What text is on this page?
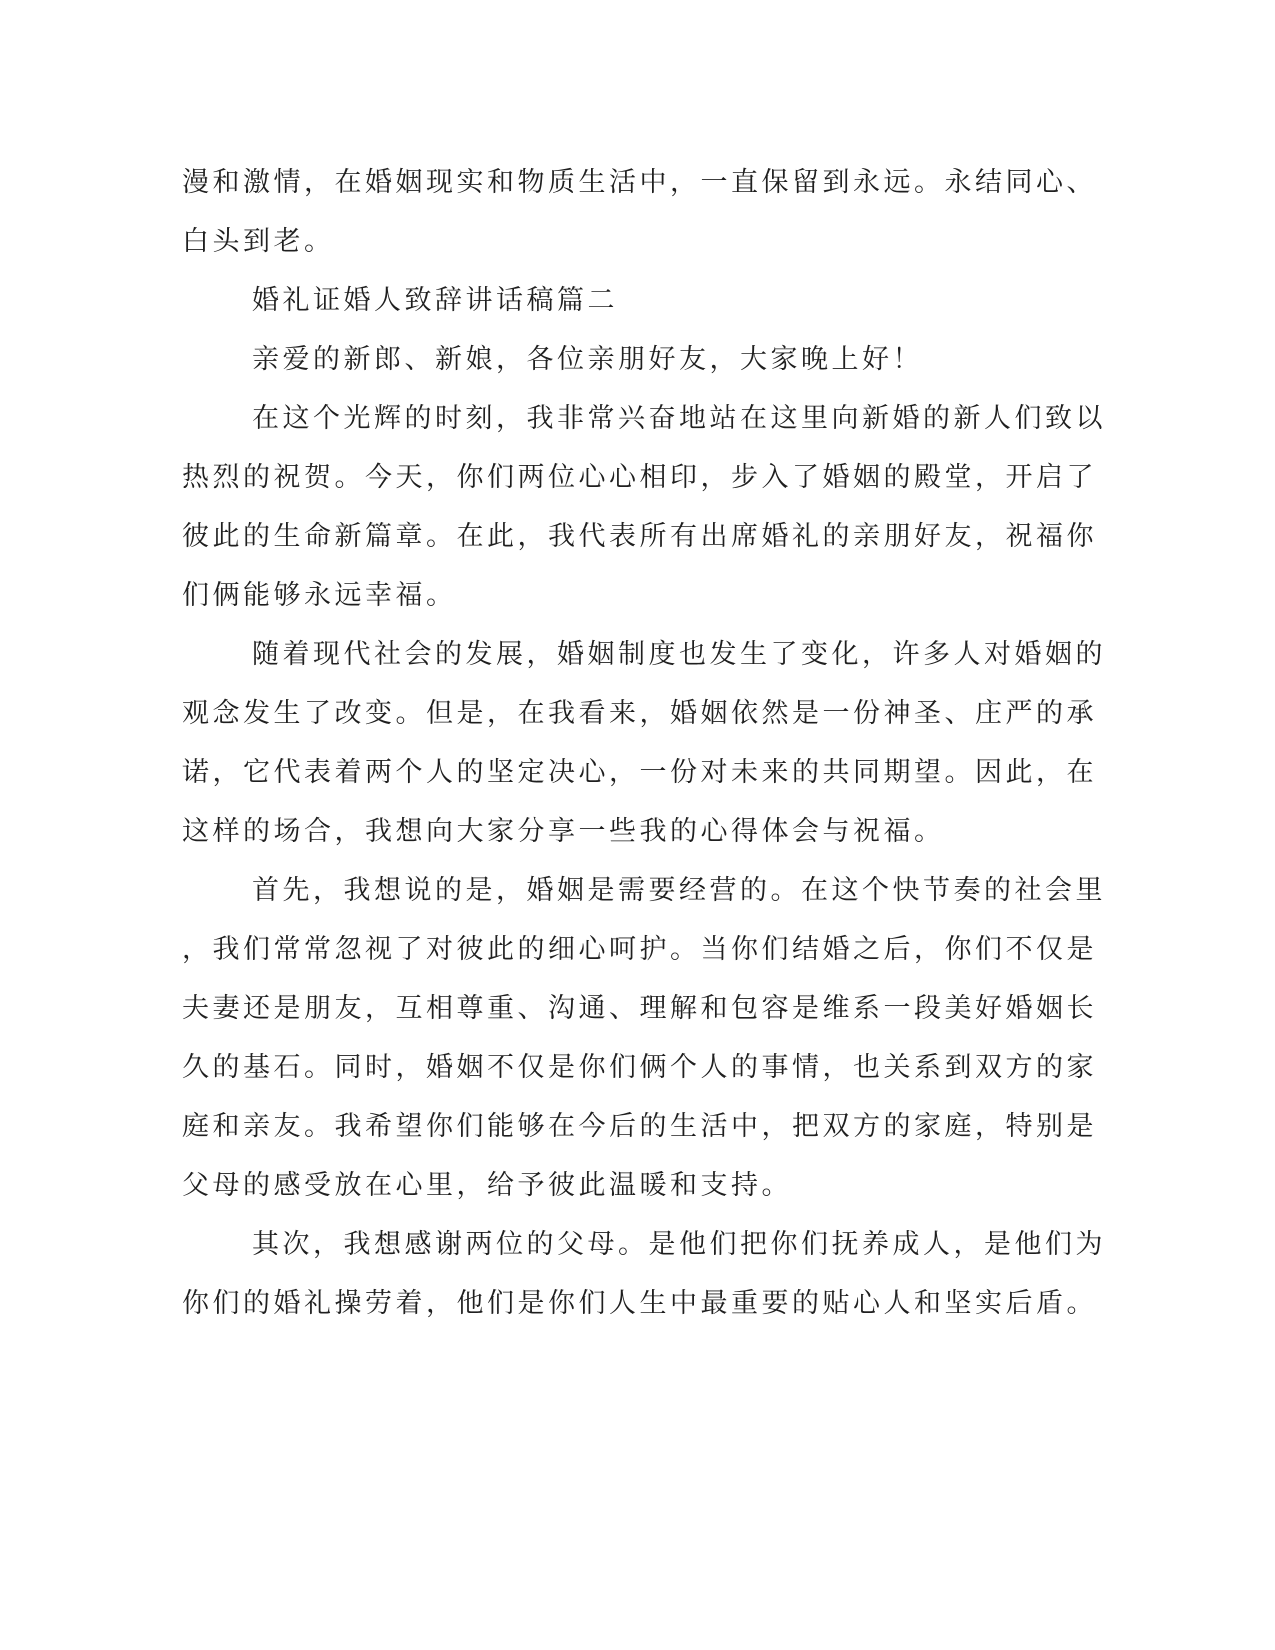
漫和激情，在婚姻现实和物质生活中，一直保留到永远。永结同心、
白头到老。
婚礼证婚人致辞讲话稿篇二
亲爱的新郎、新娘，各位亲朋好友，大家晚上好！
在这个光辉的时刻，我非常兴奋地站在这里向新婚的新人们致以
热烈的祝贺。今天，你们两位心心相印，步入了婚姻的殿堂，开启了
彼此的生命新篇章。在此，我代表所有出席婚礼的亲朋好友，祝福你
们俩能够永远幸福。
随着现代社会的发展，婚姻制度也发生了变化，许多人对婚姻的
观念发生了改变。但是，在我看来，婚姻依然是一份神圣、庄严的承
诺，它代表着两个人的坚定决心，一份对未来的共同期望。因此，在
这样的场合，我想向大家分享一些我的心得体会与祝福。
首先，我想说的是，婚姻是需要经营的。在这个快节奏的社会里
，我们常常忽视了对彼此的细心呵护。当你们结婚之后，你们不仅是
夫妻还是朋友，互相尊重、沟通、理解和包容是维系一段美好婚姻长
久的基石。同时，婚姻不仅是你们俩个人的事情，也关系到双方的家
庭和亲友。我希望你们能够在今后的生活中，把双方的家庭，特别是
父母的感受放在心里，给予彼此温暖和支持。
其次，我想感谢两位的父母。是他们把你们抚养成人，是他们为
你们的婚礼操劳着，他们是你们人生中最重要的贴心人和坚实后盾。
